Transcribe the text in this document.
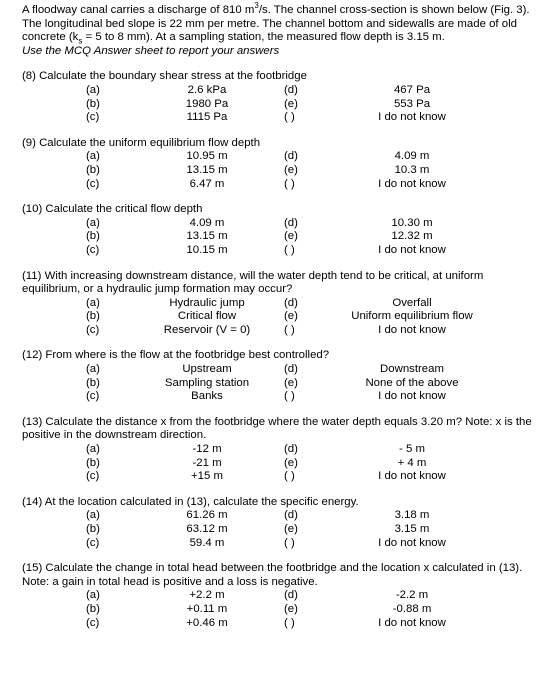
A floodway canal carries a discharge of 810 $m^3/s$. The channel cross-section is shown below (Fig. 3). The longitudinal bed slope is 22 mm per metre. The channel bottom and sidewalls are made of old concrete ($k_s = 5$ to 8 mm). At a sampling station, the measured flow depth is 3.15 m.

Use the MCQ Answer sheet to report your answers

(8) Calculate the boundary shear stress at the footbridge

(a)	2.6 kPa	(d)	467 Pa
(b)	1980 Pa	(e)	553 Pa
(c)	1115 Pa	( )	I do not know

(9) Calculate the uniform equilibrium flow depth

(a)	10.95 m	(d)	4.09 m
(b)	13.15 m	(e)	10.3 m
(c)	6.47 m	( )	I do not know

(10) Calculate the critical flow depth

(a)	4.09 m	(d)	10.30 m
(b)	13.15 m	(e)	12.32 m
(c)	10.15 m	( )	I do not know

(11) With increasing downstream distance, will the water depth tend to be critical, at uniform equilibrium, or a hydraulic jump formation may occur?

(a)	Hydraulic jump	(d)	Overfall
(b)	Critical flow	(e)	Uniform equilibrium flow
(c)	Reservoir (V = 0)	( )	I do not know

(12) From where is the flow at the footbridge best controlled?

(a)	Upstream	(d)	Downstream
(b)	Sampling station	(e)	None of the above
(c)	Banks	( )	I do not know

(13) Calculate the distance x from the footbridge where the water depth equals 3.20 m? Note: x is the positive in the downstream direction.

(a)	-12 m	(d)	- 5 m
(b)	-21 m	(e)	+ 4 m
(c)	+15 m	( )	I do not know

(14) At the location calculated in (13), calculate the specific energy.

(a)	61.26 m	(d)	3.18 m
(b)	63.12 m	(e)	3.15 m
(c)	59.4 m	( )	I do not know

(15) Calculate the change in total head between the footbridge and the location x calculated in (13). Note: a gain in total head is positive and a loss is negative.

(a)	+2.2 m	(d)	-2.2 m
(b)	+0.11 m	(e)	-0.88 m
(c)	+0.46 m	( )	I do not know
